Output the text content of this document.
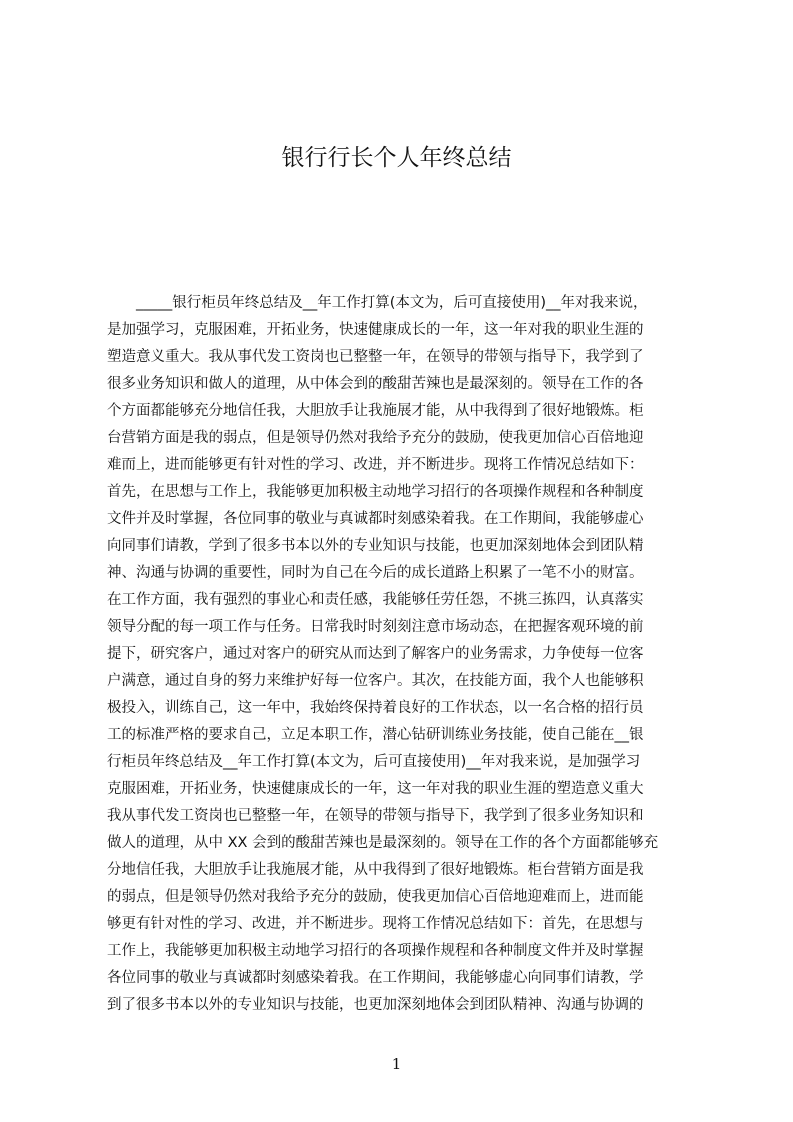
银行行长个人年终总结
　　_____银行柜员年终总结及__年工作打算(本文为，后可直接使用)__年对我来说，
是加强学习，克服困难，开拓业务，快速健康成长的一年，这一年对我的职业生涯的
塑造意义重大。我从事代发工资岗也已整整一年，在领导的带领与指导下，我学到了
很多业务知识和做人的道理，从中体会到的酸甜苦辣也是最深刻的。领导在工作的各
个方面都能够充分地信任我，大胆放手让我施展才能，从中我得到了很好地锻炼。柜
台营销方面是我的弱点，但是领导仍然对我给予充分的鼓励，使我更加信心百倍地迎
难而上，进而能够更有针对性的学习、改进，并不断进步。现将工作情况总结如下：
首先，在思想与工作上，我能够更加积极主动地学习招行的各项操作规程和各种制度
文件并及时掌握，各位同事的敬业与真诚都时刻感染着我。在工作期间，我能够虚心
向同事们请教，学到了很多书本以外的专业知识与技能，也更加深刻地体会到团队精
神、沟通与协调的重要性，同时为自己在今后的成长道路上积累了一笔不小的财富。
在工作方面，我有强烈的事业心和责任感，我能够任劳任怨，不挑三拣四，认真落实
领导分配的每一项工作与任务。日常我时时刻刻注意市场动态，在把握客观环境的前
提下，研究客户，通过对客户的研究从而达到了解客户的业务需求，力争使每一位客
户满意，通过自身的努力来维护好每一位客户。其次，在技能方面，我个人也能够积
极投入，训练自己，这一年中，我始终保持着良好的工作状态，以一名合格的招行员
工的标准严格的要求自己，立足本职工作，潜心钻研训练业务技能，使自己能在__银
行柜员年终总结及__年工作打算(本文为，后可直接使用)__年对我来说，是加强学习
克服困难，开拓业务，快速健康成长的一年，这一年对我的职业生涯的塑造意义重大
我从事代发工资岗也已整整一年，在领导的带领与指导下，我学到了很多业务知识和
做人的道理，从中 XX 会到的酸甜苦辣也是最深刻的。领导在工作的各个方面都能够充
分地信任我，大胆放手让我施展才能，从中我得到了很好地锻炼。柜台营销方面是我
的弱点，但是领导仍然对我给予充分的鼓励，使我更加信心百倍地迎难而上，进而能
够更有针对性的学习、改进，并不断进步。现将工作情况总结如下：首先，在思想与
工作上，我能够更加积极主动地学习招行的各项操作规程和各种制度文件并及时掌握
各位同事的敬业与真诚都时刻感染着我。在工作期间，我能够虚心向同事们请教，学
到了很多书本以外的专业知识与技能，也更加深刻地体会到团队精神、沟通与协调的
1
